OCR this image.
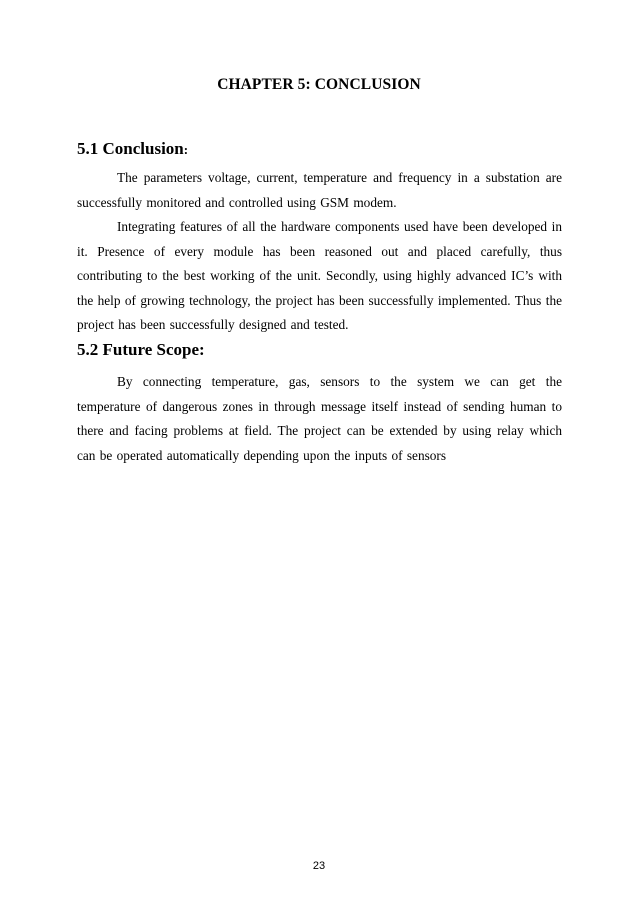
CHAPTER 5: CONCLUSION
5.1 Conclusion:

The parameters voltage, current, temperature and frequency in a substation are successfully monitored and controlled using GSM modem.

Integrating features of all the hardware components used have been developed in it. Presence of every module has been reasoned out and placed carefully, thus contributing to the best working of the unit. Secondly, using highly advanced IC’s with the help of growing technology, the project has been successfully implemented. Thus the project has been successfully designed and tested.

5.2 Future Scope:

By connecting temperature, gas, sensors to the system we can get the temperature of dangerous zones in through message itself instead of sending human to there and facing problems at field. The project can be extended by using relay which can be operated automatically depending upon the inputs of sensors

23
